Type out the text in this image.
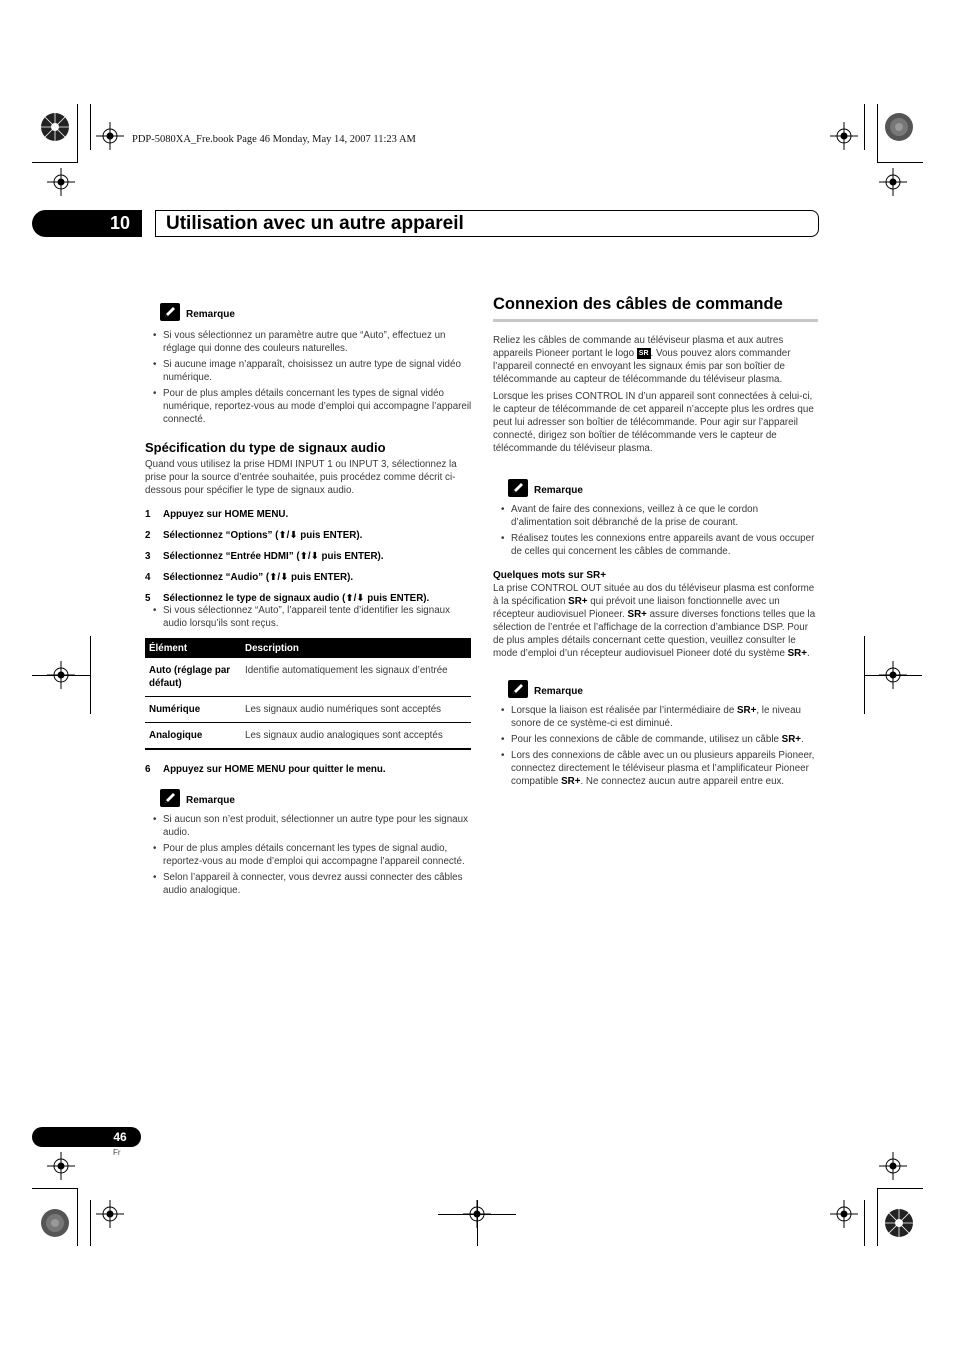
PDP-5080XA_Fre.book Page 46 Monday, May 14, 2007 11:23 AM
10	Utilisation avec un autre appareil
Remarque
• Si vous sélectionnez un paramètre autre que “Auto”, effectuez un réglage qui donne des couleurs naturelles.
• Si aucune image n’apparaît, choisissez un autre type de signal vidéo numérique.
• Pour de plus amples détails concernant les types de signal vidéo numérique, reportez-vous au mode d’emploi qui accompagne l’appareil connecté.
Spécification du type de signaux audio
Quand vous utilisez la prise HDMI INPUT 1 ou INPUT 3, sélectionnez la prise pour la source d’entrée souhaitée, puis procédez comme décrit ci-dessous pour spécifier le type de signaux audio.
1	Appuyez sur HOME MENU.
2	Sélectionnez “Options” (⬆/⬇ puis ENTER).
3	Sélectionnez “Entrée HDMI” (⬆/⬇ puis ENTER).
4	Sélectionnez “Audio” (⬆/⬇ puis ENTER).
5	Sélectionnez le type de signaux audio (⬆/⬇ puis ENTER).
• Si vous sélectionnez “Auto”, l’appareil tente d’identifier les signaux audio lorsqu’ils sont reçus.
Élément	Description
Auto (réglage par défaut)	Identifie automatiquement les signaux d’entrée
Numérique	Les signaux audio numériques sont acceptés
Analogique	Les signaux audio analogiques sont acceptés
6	Appuyez sur HOME MENU pour quitter le menu.
Remarque
• Si aucun son n’est produit, sélectionner un autre type pour les signaux audio.
• Pour de plus amples détails concernant les types de signal audio, reportez-vous au mode d’emploi qui accompagne l’appareil connecté.
• Selon l’appareil à connecter, vous devrez aussi connecter des câbles audio analogique.
Connexion des câbles de commande
Reliez les câbles de commande au téléviseur plasma et aux autres appareils Pioneer portant le logo SR . Vous pouvez alors commander l’appareil connecté en envoyant les signaux émis par son boîtier de télécommande au capteur de télécommande du téléviseur plasma.
Lorsque les prises CONTROL IN d’un appareil sont connectées à celui-ci, le capteur de télécommande de cet appareil n’accepte plus les ordres que peut lui adresser son boîtier de télécommande. Pour agir sur l’appareil connecté, dirigez son boîtier de télécommande vers le capteur de télécommande du téléviseur plasma.
Remarque
• Avant de faire des connexions, veillez à ce que le cordon d’alimentation soit débranché de la prise de courant.
• Réalisez toutes les connexions entre appareils avant de vous occuper de celles qui concernent les câbles de commande.
Quelques mots sur SR+
La prise CONTROL OUT située au dos du téléviseur plasma est conforme à la spécification SR+ qui prévoit une liaison fonctionnelle avec un récepteur audiovisuel Pioneer. SR+ assure diverses fonctions telles que la sélection de l’entrée et l’affichage de la correction d’ambiance DSP. Pour de plus amples détails concernant cette question, veuillez consulter le mode d’emploi d’un récepteur audiovisuel Pioneer doté du système SR+.
Remarque
• Lorsque la liaison est réalisée par l’intermédiaire de SR+, le niveau sonore de ce système-ci est diminué.
• Pour les connexions de câble de commande, utilisez un câble SR+.
• Lors des connexions de câble avec un ou plusieurs appareils Pioneer, connectez directement le téléviseur plasma et l’amplificateur Pioneer compatible SR+. Ne connectez aucun autre appareil entre eux.
46
Fr
